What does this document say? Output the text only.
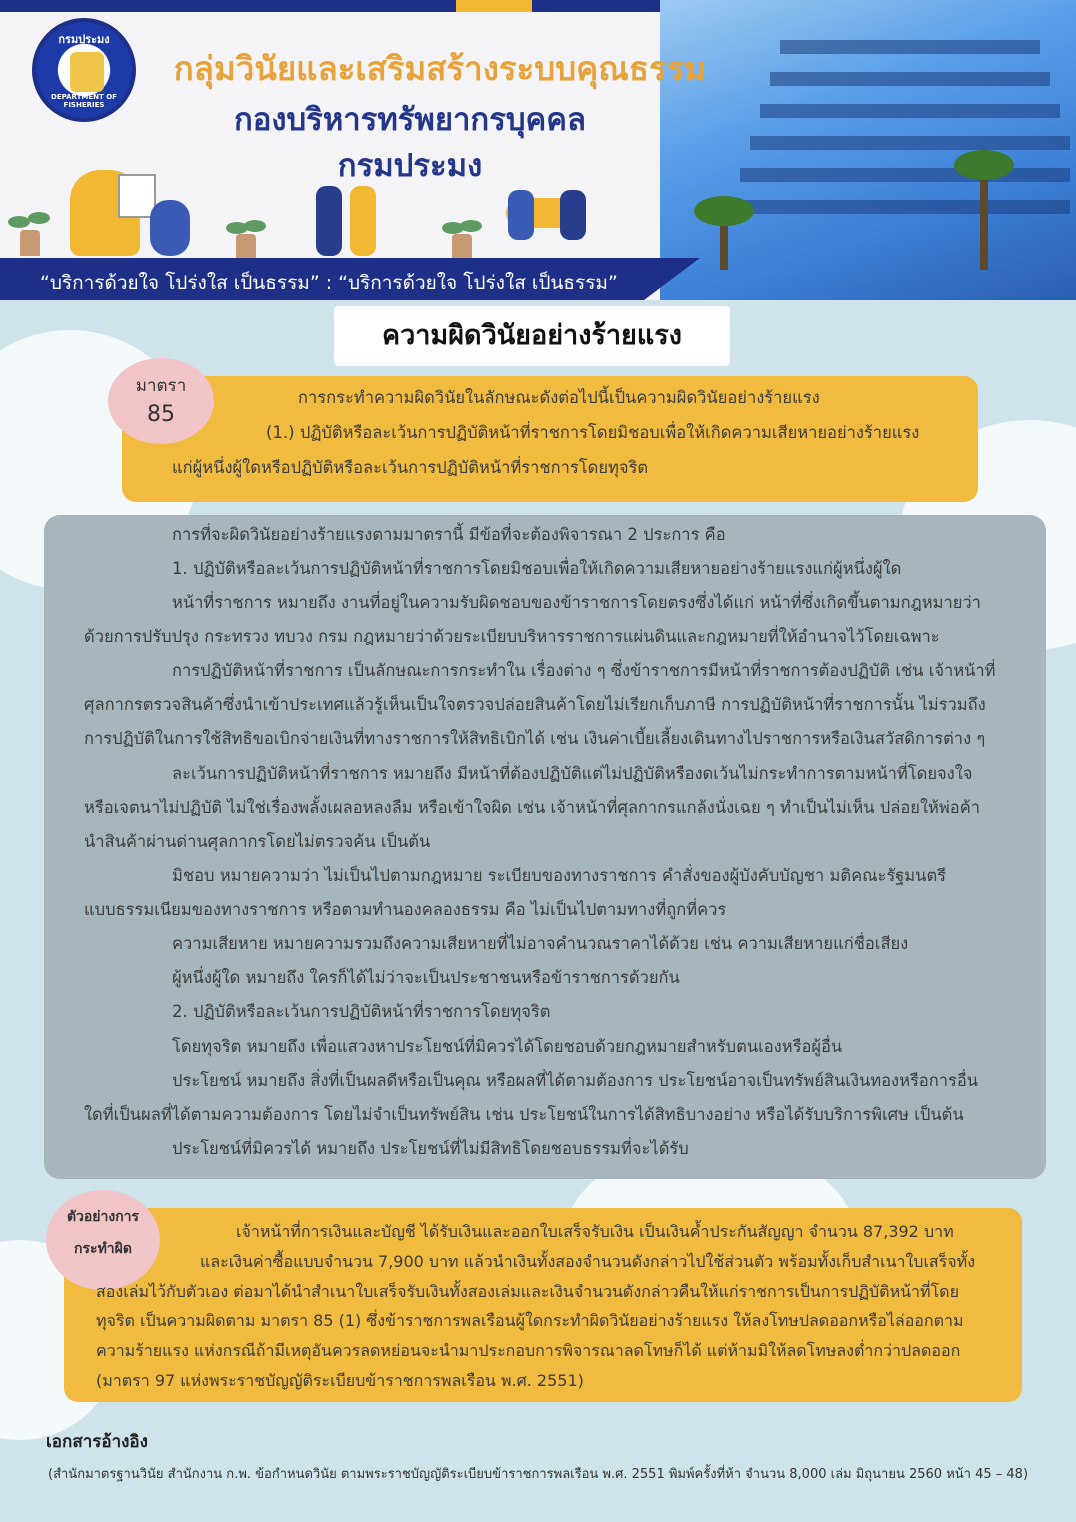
กรมประมง
DEPARTMENT OF FISHERIES
กลุ่มวินัยและเสริมสร้างระบบคุณธรรม
กองบริหารทรัพยากรบุคคล
กรมประมง
“บริการด้วยใจ โปร่งใส เป็นธรรม” : “บริการด้วยใจ โปร่งใส เป็นธรรม”
ความผิดวินัยอย่างร้ายแรง
มาตรา
85
การกระทำความผิดวินัยในลักษณะดังต่อไปนี้เป็นความผิดวินัยอย่างร้ายแรง
(1.) ปฏิบัติหรือละเว้นการปฏิบัติหน้าที่ราชการโดยมิชอบเพื่อให้เกิดความเสียหายอย่างร้ายแรง
แก่ผู้หนึ่งผู้ใดหรือปฏิบัติหรือละเว้นการปฏิบัติหน้าที่ราชการโดยทุจริต
การที่จะผิดวินัยอย่างร้ายแรงตามมาตรานี้ มีข้อที่จะต้องพิจารณา 2 ประการ คือ
1. ปฏิบัติหรือละเว้นการปฏิบัติหน้าที่ราชการโดยมิชอบเพื่อให้เกิดความเสียหายอย่างร้ายแรงแก่ผู้หนึ่งผู้ใด
หน้าที่ราชการ หมายถึง งานที่อยู่ในความรับผิดชอบของข้าราชการโดยตรงซึ่งได้แก่ หน้าที่ซึ่งเกิดขึ้นตามกฎหมายว่า
ด้วยการปรับปรุง กระทรวง ทบวง กรม กฎหมายว่าด้วยระเบียบบริหารราชการแผ่นดินและกฎหมายที่ให้อำนาจไว้โดยเฉพาะ
การปฏิบัติหน้าที่ราชการ เป็นลักษณะการกระทำใน เรื่องต่าง ๆ ซึ่งข้าราชการมีหน้าที่ราชการต้องปฏิบัติ เช่น เจ้าหน้าที่
ศุลกากรตรวจสินค้าซึ่งนำเข้าประเทศแล้วรู้เห็นเป็นใจตรวจปล่อยสินค้าโดยไม่เรียกเก็บภาษี การปฏิบัติหน้าที่ราชการนั้น ไม่รวมถึง
การปฏิบัติในการใช้สิทธิขอเบิกจ่ายเงินที่ทางราชการให้สิทธิเบิกได้ เช่น เงินค่าเบี้ยเลี้ยงเดินทางไปราชการหรือเงินสวัสดิการต่าง ๆ
ละเว้นการปฏิบัติหน้าที่ราชการ หมายถึง มีหน้าที่ต้องปฏิบัติแต่ไม่ปฏิบัติหรืองดเว้นไม่กระทำการตามหน้าที่โดยจงใจ
หรือเจตนาไม่ปฏิบัติ ไม่ใช่เรื่องพลั้งเผลอหลงลืม หรือเข้าใจผิด เช่น เจ้าหน้าที่ศุลกากรแกล้งนั่งเฉย ๆ ทำเป็นไม่เห็น ปล่อยให้พ่อค้า
นำสินค้าผ่านด่านศุลกากรโดยไม่ตรวจค้น เป็นต้น
มิชอบ หมายความว่า ไม่เป็นไปตามกฎหมาย ระเบียบของทางราชการ คำสั่งของผู้บังคับบัญชา มติคณะรัฐมนตรี
แบบธรรมเนียมของทางราชการ หรือตามทำนองคลองธรรม คือ ไม่เป็นไปตามทางที่ถูกที่ควร
ความเสียหาย หมายความรวมถึงความเสียหายที่ไม่อาจคำนวณราคาได้ด้วย เช่น ความเสียหายแก่ชื่อเสียง
ผู้หนึ่งผู้ใด หมายถึง ใครก็ได้ไม่ว่าจะเป็นประชาชนหรือข้าราชการด้วยกัน
2. ปฏิบัติหรือละเว้นการปฏิบัติหน้าที่ราชการโดยทุจริต
โดยทุจริต หมายถึง เพื่อแสวงหาประโยชน์ที่มิควรได้โดยชอบด้วยกฎหมายสำหรับตนเองหรือผู้อื่น
ประโยชน์ หมายถึง สิ่งที่เป็นผลดีหรือเป็นคุณ หรือผลที่ได้ตามต้องการ ประโยชน์อาจเป็นทรัพย์สินเงินทองหรือการอื่น
ใดที่เป็นผลที่ได้ตามความต้องการ โดยไม่จำเป็นทรัพย์สิน เช่น ประโยชน์ในการได้สิทธิบางอย่าง หรือได้รับบริการพิเศษ เป็นต้น
ประโยชน์ที่มิควรได้ หมายถึง ประโยชน์ที่ไม่มีสิทธิโดยชอบธรรมที่จะได้รับ
ตัวอย่างการ
กระทำผิด
เจ้าหน้าที่การเงินและบัญชี ได้รับเงินและออกใบเสร็จรับเงิน เป็นเงินค้ำประกันสัญญา จำนวน 87,392 บาท
และเงินค่าซื้อแบบจำนวน 7,900 บาท แล้วนำเงินทั้งสองจำนวนดังกล่าวไปใช้ส่วนตัว พร้อมทั้งเก็บสำเนาใบเสร็จทั้ง
สองเล่มไว้กับตัวเอง ต่อมาได้นำสำเนาใบเสร็จรับเงินทั้งสองเล่มและเงินจำนวนดังกล่าวคืนให้แก่ราชการเป็นการปฏิบัติหน้าที่โดย
ทุจริต เป็นความผิดตาม มาตรา 85 (1) ซึ่งข้าราชการพลเรือนผู้ใดกระทำผิดวินัยอย่างร้ายแรง ให้ลงโทษปลดออกหรือไล่ออกตาม
ความร้ายแรง แห่งกรณีถ้ามีเหตุอันควรลดหย่อนจะนำมาประกอบการพิจารณาลดโทษก็ได้ แต่ห้ามมิให้ลดโทษลงต่ำกว่าปลดออก
(มาตรา 97 แห่งพระราชบัญญัติระเบียบข้าราชการพลเรือน พ.ศ. 2551)
เอกสารอ้างอิง
(สำนักมาตรฐานวินัย สำนักงาน ก.พ. ข้อกำหนดวินัย ตามพระราชบัญญัติระเบียบข้าราชการพลเรือน พ.ศ. 2551 พิมพ์ครั้งที่ห้า จำนวน 8,000 เล่ม มิถุนายน 2560 หน้า 45 – 48)
